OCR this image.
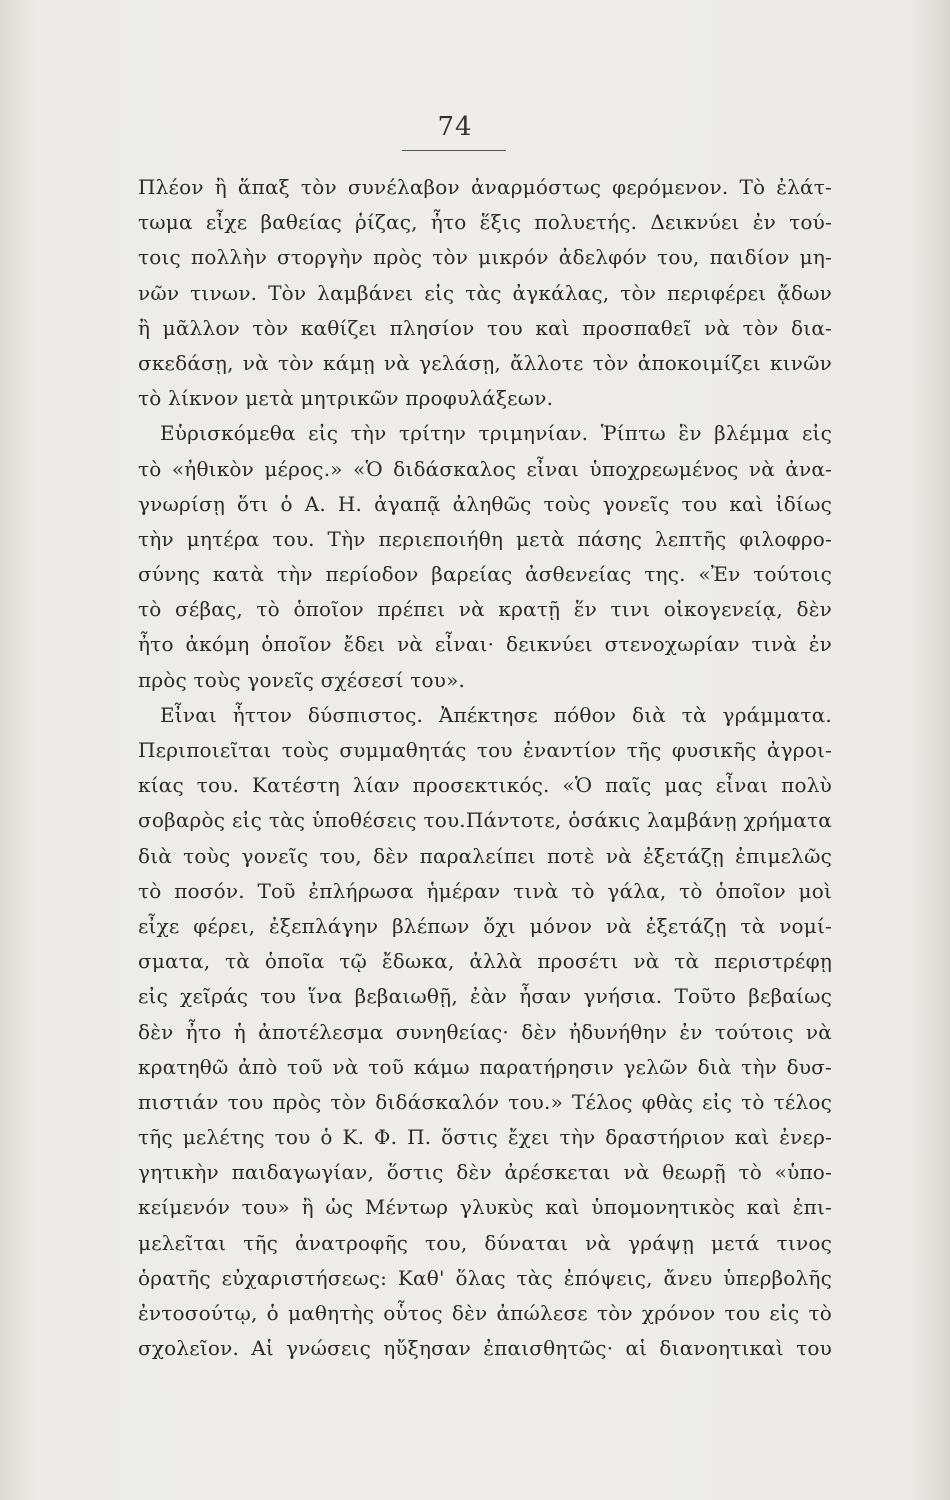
74
Πλέον ἢ ἅπαξ τὸν συνέλαβον ἀναρμόστως φερόμενον. Τὸ ἐλάτ-
τωμα εἶχε βαθείας ῥίζας, ἦτο ἕξις πολυετής. Δεικνύει ἐν τού-
τοις πολλὴν στοργὴν πρὸς τὸν μικρόν ἀδελφόν του, παιδίον μη-
νῶν τινων. Τὸν λαμβάνει εἰς τὰς ἀγκάλας, τὸν περιφέρει ᾄδων
ἢ μᾶλλον τὸν καθίζει πλησίον του καὶ προσπαθεῖ νὰ τὸν δια-
σκεδάσῃ, νὰ τὸν κάμῃ νὰ γελάσῃ, ἄλλοτε τὸν ἀποκοιμίζει κινῶν
τὸ λίκνον μετὰ μητρικῶν προφυλάξεων.
Εὑρισκόμεθα εἰς τὴν τρίτην τριμηνίαν. Ῥίπτω ἓν βλέμμα εἰς
τὸ «ἠθικὸν μέρος.» «Ὁ διδάσκαλος εἶναι ὑποχρεωμένος νὰ ἀνα-
γνωρίσῃ ὅτι ὁ Α. Η. ἀγαπᾷ ἀληθῶς τοὺς γονεῖς του καὶ ἰδίως
τὴν μητέρα του. Τὴν περιεποιήθη μετὰ πάσης λεπτῆς φιλοφρο-
σύνης κατὰ τὴν περίοδον βαρείας ἀσθενείας της. «Ἐν τούτοις
τὸ σέβας, τὸ ὁποῖον πρέπει νὰ κρατῇ ἕν τινι οἰκογενείᾳ, δὲν
ἦτο ἀκόμη ὁποῖον ἔδει νὰ εἶναι· δεικνύει στενοχωρίαν τινὰ ἐν
πρὸς τοὺς γονεῖς σχέσεσί του».
Εἶναι ἧττον δύσπιστος. Ἀπέκτησε πόθον διὰ τὰ γράμματα.
Περιποιεῖται τοὺς συμμαθητάς του ἐναντίον τῆς φυσικῆς ἀγροι-
κίας του. Κατέστη λίαν προσεκτικός. «Ὁ παῖς μας εἶναι πολὺ
σοβαρὸς εἰς τὰς ὑποθέσεις του.Πάντοτε, ὁσάκις λαμβάνῃ χρήματα
διὰ τοὺς γονεῖς του, δὲν παραλείπει ποτὲ νὰ ἐξετάζῃ ἐπιμελῶς
τὸ ποσόν. Τοῦ ἐπλήρωσα ἡμέραν τινὰ τὸ γάλα, τὸ ὁποῖον μοὶ
εἶχε φέρει, ἐξεπλάγην βλέπων ὄχι μόνον νὰ ἐξετάζῃ τὰ νομί-
σματα, τὰ ὁποῖα τῷ ἔδωκα, ἀλλὰ προσέτι νὰ τὰ περιστρέφῃ
εἰς χεῖράς του ἵνα βεβαιωθῇ, ἐὰν ἦσαν γνήσια. Τοῦτο βεβαίως
δὲν ἦτο ἡ ἀποτέλεσμα συνηθείας· δὲν ἠδυνήθην ἐν τούτοις νὰ
κρατηθῶ ἀπὸ τοῦ νὰ τοῦ κάμω παρατήρησιν γελῶν διὰ τὴν δυσ-
πιστιάν του πρὸς τὸν διδάσκαλόν του.» Τέλος φθὰς εἰς τὸ τέλος
τῆς μελέτης του ὁ Κ. Φ. Π. ὅστις ἔχει τὴν δραστήριον καὶ ἐνερ-
γητικὴν παιδαγωγίαν, ὅστις δὲν ἀρέσκεται νὰ θεωρῇ τὸ «ὑπο-
κείμενόν του» ἢ ὡς Μέντωρ γλυκὺς καὶ ὑπομονητικὸς καὶ ἐπι-
μελεῖται τῆς ἀνατροφῆς του, δύναται νὰ γράψῃ μετά τινος
ὁρατῆς εὐχαριστήσεως: Καθ' ὅλας τὰς ἐπόψεις, ἄνευ ὑπερβολῆς
ἐντοσούτῳ, ὁ μαθητὴς οὗτος δὲν ἀπώλεσε τὸν χρόνον του εἰς τὸ
σχολεῖον. Αἱ γνώσεις ηὔξησαν ἐπαισθητῶς· αἱ διανοητικαὶ του
